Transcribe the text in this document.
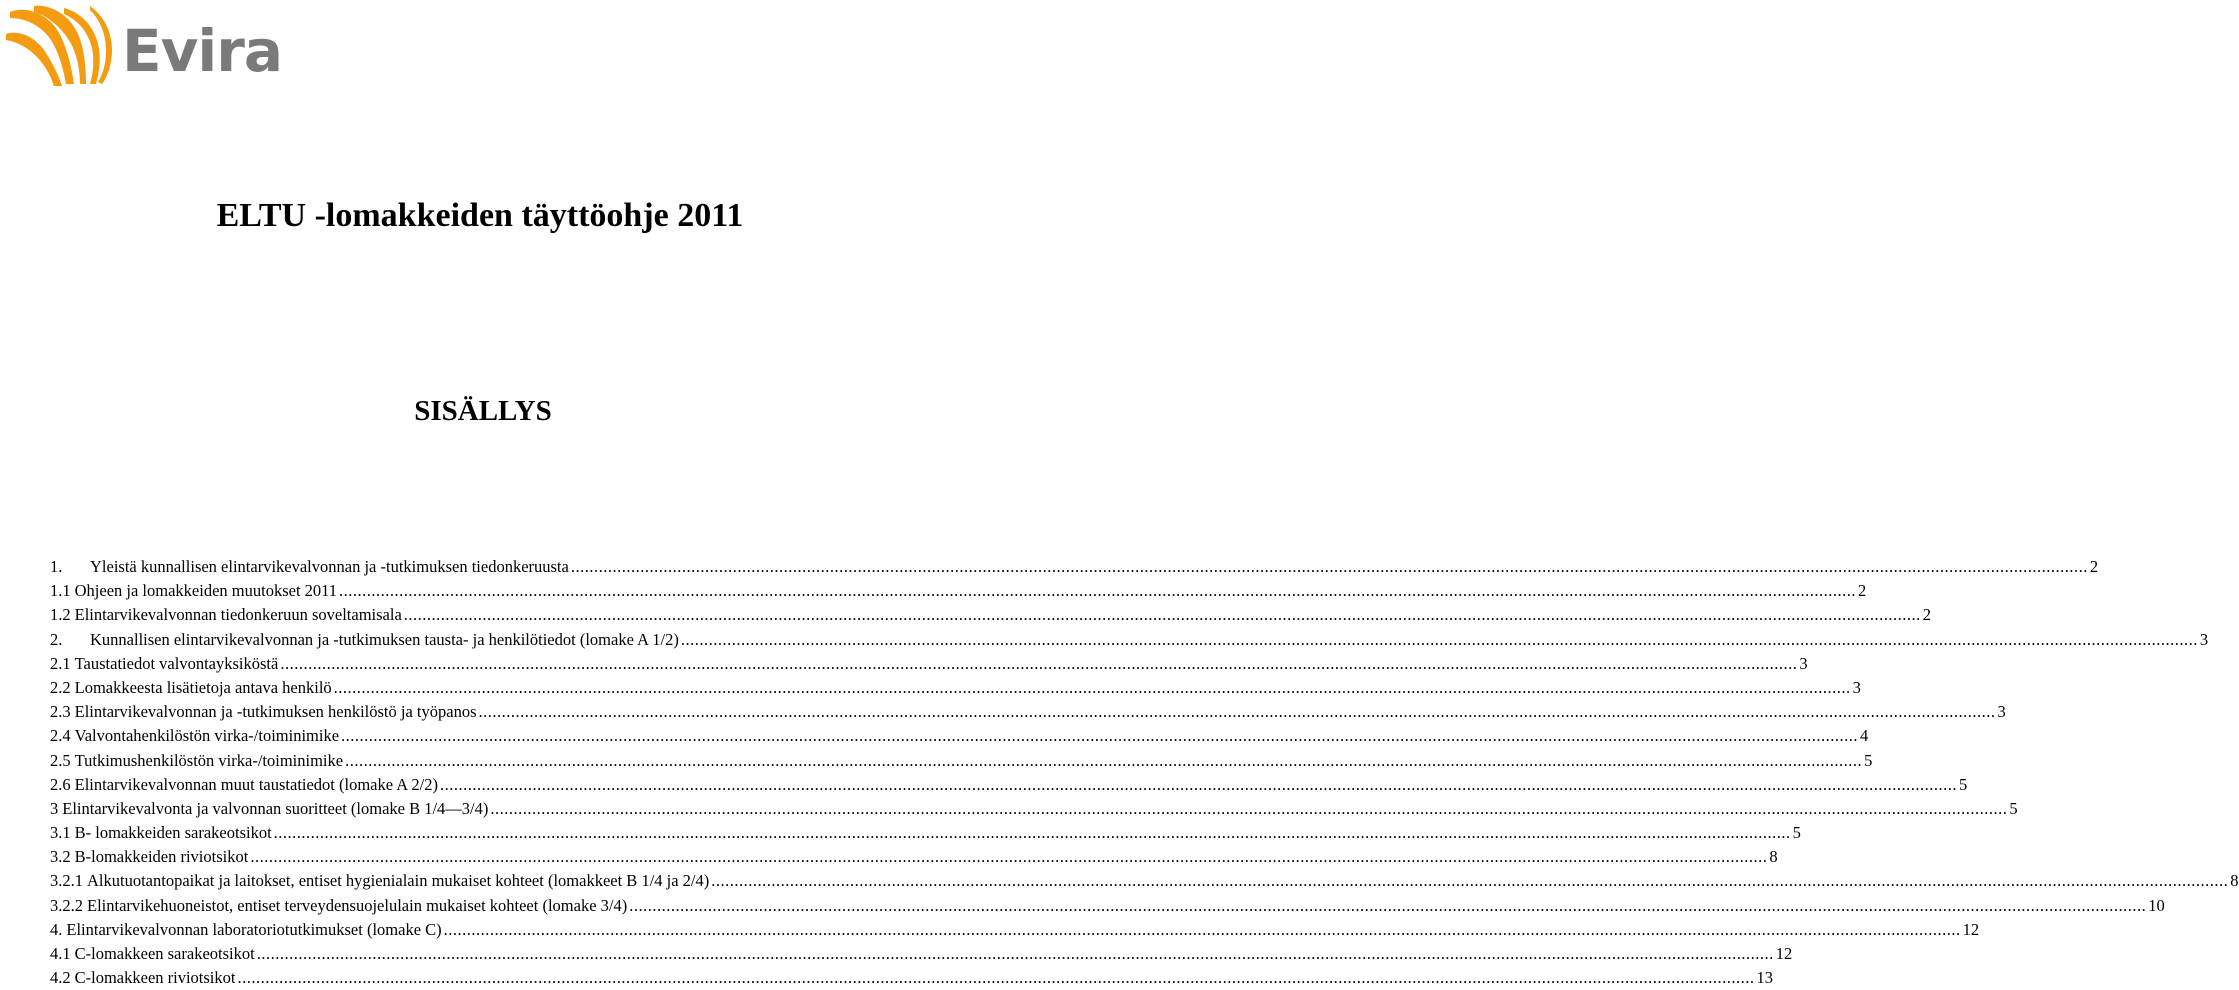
Evira
ELTU -lomakkeiden täyttöohje 2011
SISÄLLYS
1.	Yleistä kunnallisen elintarvikevalvonnan ja -tutkimuksen tiedonkeruusta .....	2
1.1 Ohjeen ja lomakkeiden muutokset 2011 .....	2
1.2 Elintarvikevalvonnan tiedonkeruun soveltamisala .....	2
2.	Kunnallisen elintarvikevalvonnan ja -tutkimuksen tausta- ja henkilötiedot (lomake A 1/2) .....	3
2.1 Taustatiedot valvontayksiköstä .....	3
2.2 Lomakkeesta lisätietoja antava henkilö .....	3
2.3 Elintarvikevalvonnan ja -tutkimuksen henkilöstö ja työpanos .....	3
2.4 Valvontahenkilöstön virka-/toiminimike .....	4
2.5 Tutkimushenkilöstön virka-/toiminimike .....	5
2.6 Elintarvikevalvonnan muut taustatiedot (lomake A 2/2) .....	5
3 Elintarvikevalvonta ja valvonnan suoritteet (lomake B 1/4—3/4) .....	5
3.1 B- lomakkeiden sarakeotsikot .....	5
3.2 B-lomakkeiden riviotsikot .....	8
3.2.1 Alkutuotantopaikat ja laitokset, entiset hygienialain mukaiset kohteet (lomakkeet B 1/4 ja 2/4) .....	8
3.2.2 Elintarvikehuoneistot, entiset terveydensuojelulain mukaiset kohteet (lomake 3/4) .....	10
4. Elintarvikevalvonnan laboratoriotutkimukset (lomake C) .....	12
4.1 C-lomakkeen sarakeotsikot .....	12
4.2 C-lomakkeen riviotsikot .....	13
